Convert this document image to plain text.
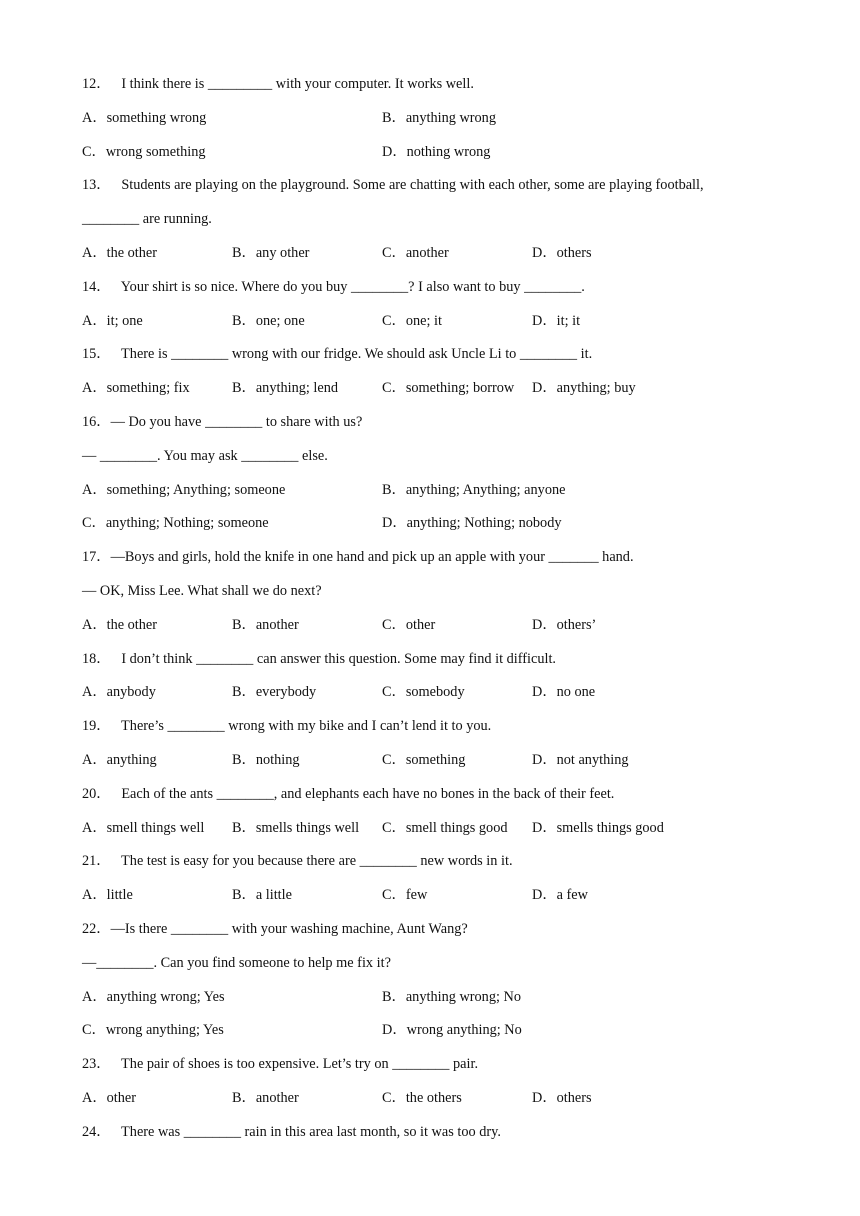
12．   I think there is _________ with your computer. It works well.
A．something wrong	B．anything wrong
C．wrong something	D．nothing wrong
13．   Students are playing on the playground. Some are chatting with each other, some are playing football,
________ are running.
A．the other	B．any other	C．another	D．others
14．   Your shirt is so nice. Where do you buy ________? I also want to buy ________.
A．it; one	B．one; one	C．one; it	D．it; it
15．   There is ________ wrong with our fridge. We should ask Uncle Li to ________ it.
A．something; fix	B．anything; lend	C．something; borrow D．anything; buy
16．— Do you have ________ to share with us?
— ________. You may ask ________ else.
A．something; Anything; someone	B．anything; Anything; anyone
C．anything; Nothing; someone	D．anything; Nothing; nobody
17．—Boys and girls, hold the knife in one hand and pick up an apple with your _______ hand.
— OK, Miss Lee. What shall we do next?
A．the other	B．another	C．other	D．others’
18．   I don’t think ________ can answer this question. Some may find it difficult.
A．anybody	B．everybody	C．somebody	D．no one
19．   There’s ________ wrong with my bike and I can’t lend it to you.
A．anything	B．nothing	C．something	D．not anything
20．   Each of the ants ________, and elephants each have no bones in the back of their feet.
A．smell things well B．smells things well C．smell things good D．smells things good
21．   The test is easy for you because there are ________ new words in it.
A．little	B．a little	C．few	D．a few
22．—Is there ________ with your washing machine, Aunt Wang?
—________. Can you find someone to help me fix it?
A．anything wrong; Yes	B．anything wrong; No
C．wrong anything; Yes	D．wrong anything; No
23．   The pair of shoes is too expensive. Let’s try on ________ pair.
A．other	B．another	C．the others	D．others
24．   There was ________ rain in this area last month, so it was too dry.
